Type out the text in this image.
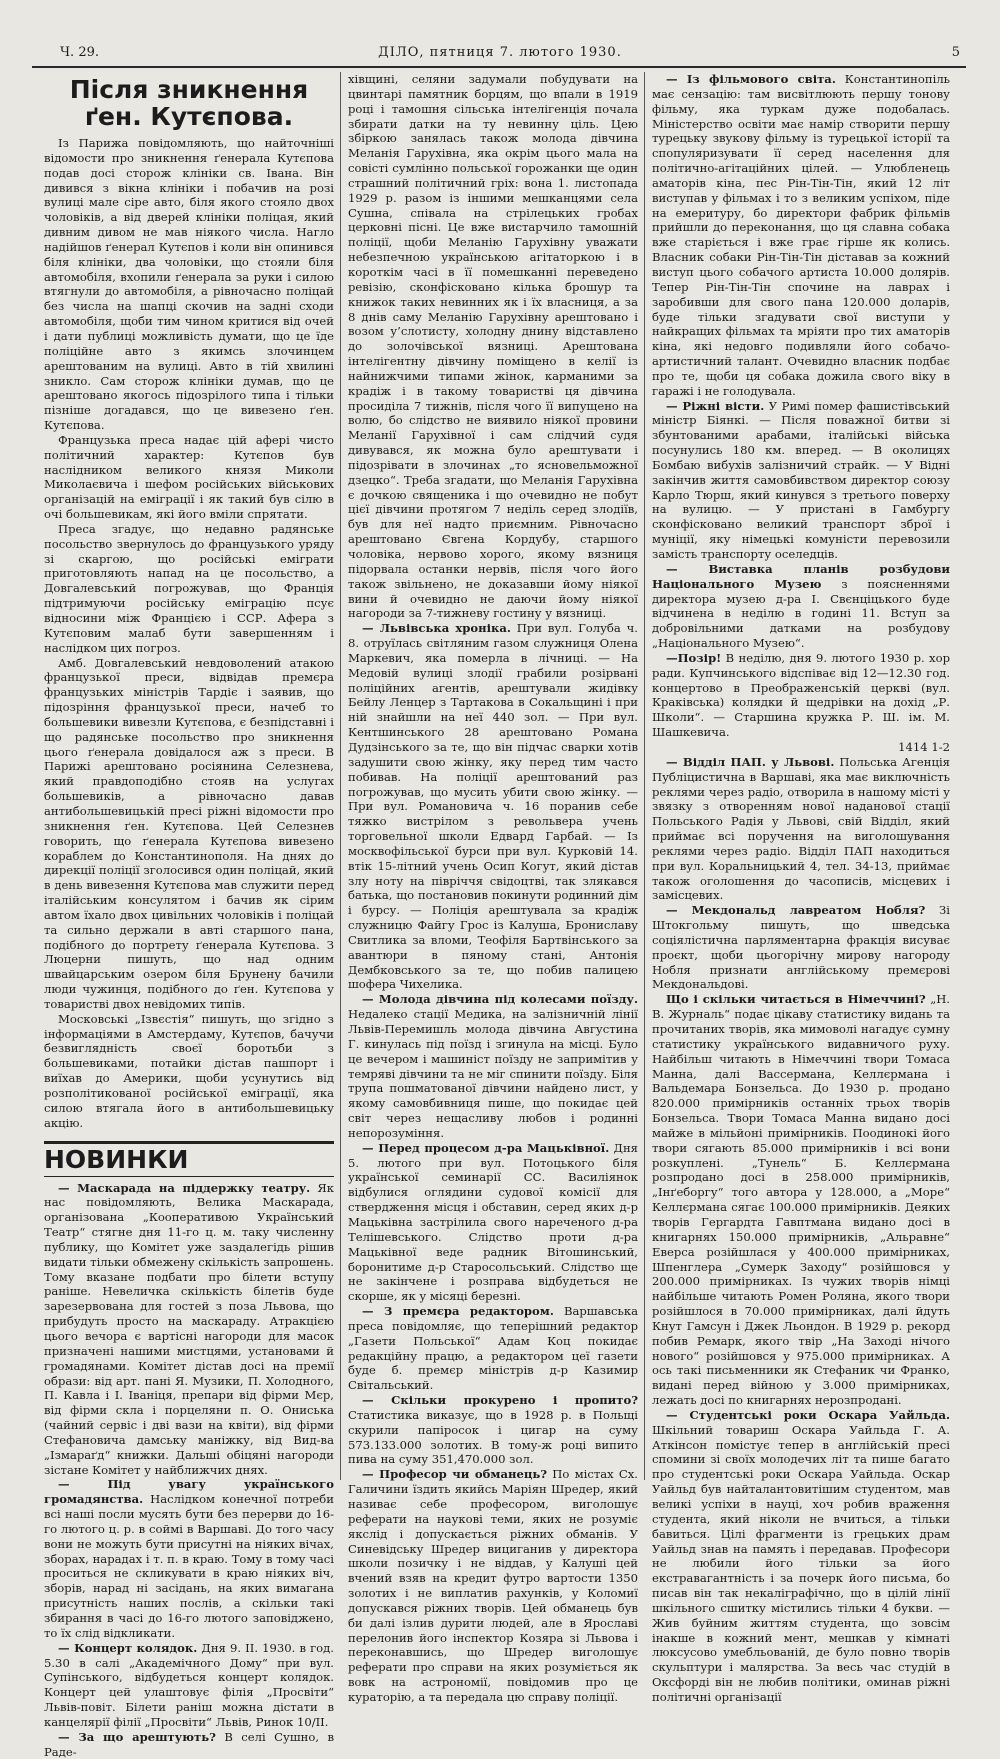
Ч. 29.	ДІЛО, пятниця 7. лютого 1930.	5
Після зникнення ґен. Кутєпова.

Із Парижа повідомляють, що найточніші відомости про зникнення ґенерала Кутєпова подав досі сторож клініки св. Івана. Він дивився з вікна клініки і побачив на розі вулиці мале сіре авто, біля якого стояло двох чоловіків, а від дверей клініки поліцая, який дивним дивом не мав ніякого числа. Нагло надійшов ґенерал Кутєпов і коли він опинився біля клініки, два чоловіки, що стояли біля автомобіля, вхопили ґенерала за руки і силою втягнули до автомобіля, а рівночасно поліцай без числа на шапці скочив на задні сходи автомобіля, щоби тим чином критися від очей і дати публиці можливість думати, що це їде поліційне авто з якимсь злочинцем арештованим на вулиці. Авто в тій хвилині зникло. Сам сторож клініки думав, що це арештовано якогось підозрілого типа і тільки пізніше догадався, що це вивезено ґен. Кутєпова.

Французька преса надає цій афері чисто політичний характер: Кутєпов був наслідником великого князя Миколи Миколаєвича і шефом російських військових організацій на еміграції і як такий був сілю в очі большевикам, які його вміли спрятати.

Преса згадує, що недавно радянське посольство звернулось до французького уряду зі скаргою, що російські еміграти приготовляють напад на це посольство, а Довгалевський погрожував, що Франція підтримуючи російську еміграцію псує відносини між Францією і ССР. Афера з Кутєповим малаб бути завершенням і наслідком цих погроз.

Амб. Довгалевський невдоволений атакою французької преси, відвідав премєра французьких міністрів Тардіє і заявив, що підозріння французької преси, начеб то большевики вивезли Кутєпова, є безпідставні і що радянське посольство про зникнення цього ґенерала довідалося аж з преси. В Парижі арештовано росіянина Селезнева, який правдоподібно стояв на услугах большевиків, а рівночасно давав антибольшевицькій пресі ріжні відомости про зникнення ґен. Кутєпова. Цей Селезнев говорить, що ґенерала Кутєпова вивезено кораблем до Константинополя. На днях до дирекції поліції зголосився один поліцай, який в день вивезення Кутєпова мав служити перед італійським консулятом і бачив як сірим автом їхало двох цивільних чоловіків і поліцай та сильно держали в авті старшого пана, подібного до портрету ґенерала Кутєпова. З Люцерни пишуть, що над одним швайцарським озером біля Брунену бачили люди чужинця, подібного до ґен. Кутєпова у товаристві двох невідомих типів.

Московські „Ізвєстія“ пишуть, що згідно з інформаціями в Амстердаму, Кутєпов, бачучи безвиглядність своєї боротьби з большевиками, потайки дістав пашпорт і виїхав до Америки, щоби усунутись від розполітикованої російської еміграції, яка силою втягала його в антибольшевицьку акцію.

НОВИНКИ

— Маскарада на піддержку театру. Як нас повідомляють, Велика Маскарада, організована „Кооперативою Український Театр“ стягне дня 11-го ц. м. таку численну публику, що Комітет уже заздалегідь рішив видати тільки обмежену скількість запрошень. Тому вказане подбати про білети вступу раніше. Невеличка скількість білетів буде зарезервована для гостей з поза Львова, що прибудуть просто на маскараду. Атракцією цього вечора є вартісні нагороди для масок призначені нашими мистцями, установами й громадянами. Комітет дістав досі на премії образи: від арт. пані Я. Музики, П. Холодного, П. Кавла і І. Іваніця, препари від фірми Мєр, від фірми скла і порцеляни п. О. Ониська (чайний сервіс і дві вази на квіти), від фірми Стефановича дамську маніжку, від Вид-ва „Ізмараґд“ книжки. Дальші обіцяні нагороди зістане Комітет у найближчих днях.

— Під увагу українського громадянства. Наслідком конечної потреби всі наші посли мусять бути без перерви до 16-го лютого ц. р. в соймі в Варшаві. До того часу вони не можуть бути присутні на ніяких вічах, зборах, нарадах і т. п. в краю. Тому в тому часі проситься не скликувати в краю ніяких віч, зборів, нарад ні засідань, на яких вимагана присутність наших послів, а скільки такі збирання в часі до 16-го лютого заповіджено, то їх слід відкликати.

— Концерт колядок. Дня 9. II. 1930. в год. 5.30 в салі „Академічного Дому“ при вул. Супінського, відбудеться концерт колядок. Концерт цей улаштовує філія „Просвіти“ Львів-повіт. Білети раніш можна дістати в канцелярії філії „Просвіти“ Львів, Ринок 10/II.

— За що арештують? В селі Сушно, в Раде-

хівщині, селяни задумали побудувати на цвинтарі памятник борцям, що впали в 1919 році і тамошня сільська інтелігенція почала збирати датки на ту невинну ціль. Цею збіркою занялась також молода дівчина Меланія Гарухівна, яка окрім цього мала на совісті сумлінно польської горожанки ще один страшний політичний гріх: вона 1. листопада 1929 р. разом із іншими мешканцями села Сушна, співала на стрілецьких гробах церковні пісні. Це вже вистарчило тамошній поліції, щоби Меланію Гарухівну уважати небезпечною українською агітаторкою і в короткім часі в її помешканні переведено ревізію, сконфісковано кілька брошур та книжок таких невинних як і їх власниця, а за 8 днів саму Меланію Гарухівну арештовано і возом у’слотисту, холодну днину відставлено до золочівської вязниці. Арештована інтелігентну дівчину поміщено в келії із найнижчими типами жінок, карманими за крадіж і в такому товаристві ця дівчина просиділа 7 тижнів, після чого її випущено на волю, бо слідство не виявило ніякої провини Меланії Гарухівної і сам слідчий судя дивувався, як можна було арештувати і підозрівати в злочинах „то ясновельможної дзецко“. Треба згадати, що Меланія Гарухівна є дочкою священика і що очевидно не побут цієї дівчини протягом 7 неділь серед злодіїв, був для неї надто приємним. Рівночасно арештовано Євгена Кордубу, старшого чоловіка, нервово хорого, якому вязниця підорвала останки нервів, після чого його також звільнено, не доказавши йому ніякої вини й очевидно не даючи йому ніякої нагороди за 7-тижневу гостину у вязниці.

— Львівська хроніка. При вул. Голуба ч. 8. отруїлась світляним газом служниця Олена Маркевич, яка померла в лічниці. — На Медовій вулиці злодії грабили розірвані поліційних агентів, арештували жидівку Бейлу Ленцер з Тартакова в Сокальщині і при ній знайшли на неї 440 зол. — При вул. Кентшинського 28 арештовано Романа Дудзінського за те, що він підчас сварки хотів задушити свою жінку, яку перед тим часто побивав. На поліції арештований раз погрожував, що мусить убити свою жінку. — При вул. Романовича ч. 16 поранив себе тяжко вистрілом з револьвера учень торговельної школи Едвард Гарбай. — Із москвофільської бурси при вул. Курковій 14. втік 15-літний учень Осип Когут, який дістав злу ноту на півріччя свідоцтві, так злякався батька, що постановив покинути родинний дім і бурсу. — Поліція арештувала за крадіж служницю Файгу Грос із Калуша, Брониславу Свитлика за вломи, Теофіля Бартвінського за авантюри в пяному стані, Антонія Дембковського за те, що побив палицею шофера Чихелика.

— Молода дівчина під колесами поїзду. Недалеко стації Медика, на залізничній лінії Львів-Перемишль молода дівчина Августина Г. кинулась під поїзд і згинула на місці. Було це вечером і машиніст поїзду не запримітив у темряві дівчини та не міг спинити поїзду. Біля трупа пошматованої дівчини найдено лист, у якому самовбивниця пише, що покидає цей світ через нещасливу любов і родинні непорозуміння.

— Перед процесом д-ра Мацьківної. Дня 5. лютого при вул. Потоцького біля української семинарії СС. Василіянок відбулися оглядини судової комісії для ствердження місця і обставин, серед яких д-р Мацьківна застрілила свого нареченого д-ра Телішевського. Слідство проти д-ра Мацьківної веде радник Вітошинський, боронитиме д-р Старосольський. Слідство ще не закінчене і розправа відбудеться не скорше, як у місяці березні.

— З премєра редактором. Варшавська преса повідомляє, що теперішний редактор „Газети Польської“ Адам Коц покидає редакційну працю, а редактором цеї газети буде б. премєр міністрів д-р Казимир Світальський.

— Скільки прокурено і пропито? Статистика виказує, що в 1928 р. в Польщі скурили папіросок і цигар на суму 573.133.000 золотих. В тому-ж році випито пива на суму 351,470.000 зол.

— Професор чи обманець? По містах Сх. Галичини їздить якийсь Маріян Шредер, який називає себе професором, виголошує реферати на наукові теми, яких не розуміє якслід і допускається ріжних обманів. У Синевідську Шредер вициганив у директора школи позичку і не віддав, у Калуші цей вчений взяв на кредит футро вартости 1350 золотих і не виплатив рахунків, у Коломиї допускався ріжних творів. Цей обманець був би далі ізлив дурити людей, але в Ярославі перелонив його інспектор Козяра зі Львова і переконавшись, що Шредер виголошує реферати про справи на яких розуміється як вовк на астрономії, повідомив про це кураторію, а та передала цю справу поліції.

— Із фільмового світа. Константинопіль має сензацію: там висвітлюють першу тонову фільму, яка туркам дуже подобалась. Міністерство освіти має намір створити першу турецьку звукову фільму із турецької історії та спопуляризувати її серед населення для політично-агітаційних цілей. — Улюбленець аматорів кіна, пес Рін-Тін-Тін, який 12 літ виступав у фільмах і то з великим успіхом, піде на емеритуру, бо директори фабрик фільмів прийшли до переконання, що ця славна собака вже старіється і вже грає гірше як колись. Власник собаки Рін-Тін-Тін діставав за кожний виступ цього собачого артиста 10.000 долярів. Тепер Рін-Тін-Тін спочине на лаврах і заробивши для свого пана 120.000 доларів, буде тільки згадувати свої виступи у найкращих фільмах та мріяти про тих аматорів кіна, які недовго подивляли його собачо-артистичний талант. Очевидно власник подбає про те, щоби ця собака дожила свого віку в гаражі і не голодувала.

— Ріжні вісти. У Римі помер фашистівський міністр Біянкі. — Після поважної битви зі збунтованими арабами, італійські війська посунулись 180 км. вперед. — В околицях Бомбаю вибухів залізничий страйк. — У Відні закінчив життя самовбивством директор союзу Карло Тюрш, який кинувся з третього поверху на вулицю. — У пристані в Гамбургу сконфісковано великий транспорт зброї і муніції, яку німецькі комуністи перевозили замість транспорту оселедців.

— Виставка планів розбудови Національного Музею з поясненнями директора музею д-ра І. Свєнціцького буде відчинена в неділю в годині 11. Вступ за добровільними датками на розбудову „Національного Музею“.

—Позір! В неділю, дня 9. лютого 1930 р. хор ради. Купчинського відспіває від 12—12.30 год. концертово в Преображенській церкві (вул. Краківська) колядки й щедрівки на дохід „Р. Школи“. — Старшина кружка Р. Ш. ім. М. Шашкевича.

1414 1-2

— Відділ ПАП. у Львові. Польська Агенція Публіцистична в Варшаві, яка має виключність реклями через радіо, отворила в нашому місті у звязку з отворенням нової наданової стації Польського Радія у Львові, свій Відділ, який приймає всі поручення на виголошування реклями через радіо. Відділ ПАП находиться при вул. Коральницький 4, тел. 34-13, приймає також оголошення до часописів, місцевих і замісцевих.

— Мекдональд лавреатом Нобля? Зі Штокгольму пишуть, що шведська соціялістична парляментарна фракція висуває проєкт, щоби цьогорічну мирову нагороду Нобля признати англійському премєрові Мекдональдові.

Що і скільки читається в Німеччині? „Н. В. Журналь“ подає цікаву статистику видань та прочитаних творів, яка мимоволі нагадує сумну статистику українського видавничого руху. Найбільш читають в Німеччині твори Томаса Манна, далі Вассермана, Келлєрмана і Вальдемара Бонзельса. До 1930 р. продано 820.000 примірників останніх трьох творів Бонзельса. Твори Томаса Манна видано досі майже в мільйоні примірників. Поодинокі його твори сягають 85.000 примірників і всі вони розкуплені. „Тунель“ Б. Келлєрмана розпродано досі в 258.000 примірників, „Інґеборгу“ того автора у 128.000, а „Море“ Келлєрмана сягає 100.000 примірників. Деяких творів Гергардта Гавптмана видано досі в книгарнях 150.000 примірників, „Альравне“ Еверса розійшлася у 400.000 примірниках, Шпенглера „Сумерк Заходу“ розійшовся у 200.000 примірниках. Із чужих творів німці найбільше читають Ромен Роляна, якого твори розійшлося в 70.000 примірниках, далі йдуть Кнут Гамсун і Джек Льондон. В 1929 р. рекорд побив Ремарк, якого твір „На Заході нічого нового“ розійшовся у 975.000 примірниках. А ось такі письменники як Стефаник чи Франко, видані перед війною у 3.000 примірниках, лежать досі по книгарнях нерозпродані.

— Студентські роки Оскара Уайльда. Шкільний товариш Оскара Уайльда Г. А. Аткінсон помістує тепер в англійській пресі спомини зі своїх молодечих літ та пише багато про студентські роки Оскара Уайльда. Оскар Уайльд був найталантовитішим студентом, мав великі успіхи в науці, хоч робив враження студента, який ніколи не вчиться, а тільки бавиться. Цілі фрагменти із грецьких драм Уайльд знав на память і передавав. Професори не любили його тільки за його екстравагантність і за почерк його письма, бо писав він так некаліграфічно, що в цілій лінії шкільного сшитку містились тільки 4 букви. — Жив буйним життям студента, що зовсім інакше в кожний мент, мешкав у кімнаті люксусово умебльованій, де було повно творів скульптури і малярства. За весь час студій в Оксфорді він не любив політики, оминав ріжні політичні організації
